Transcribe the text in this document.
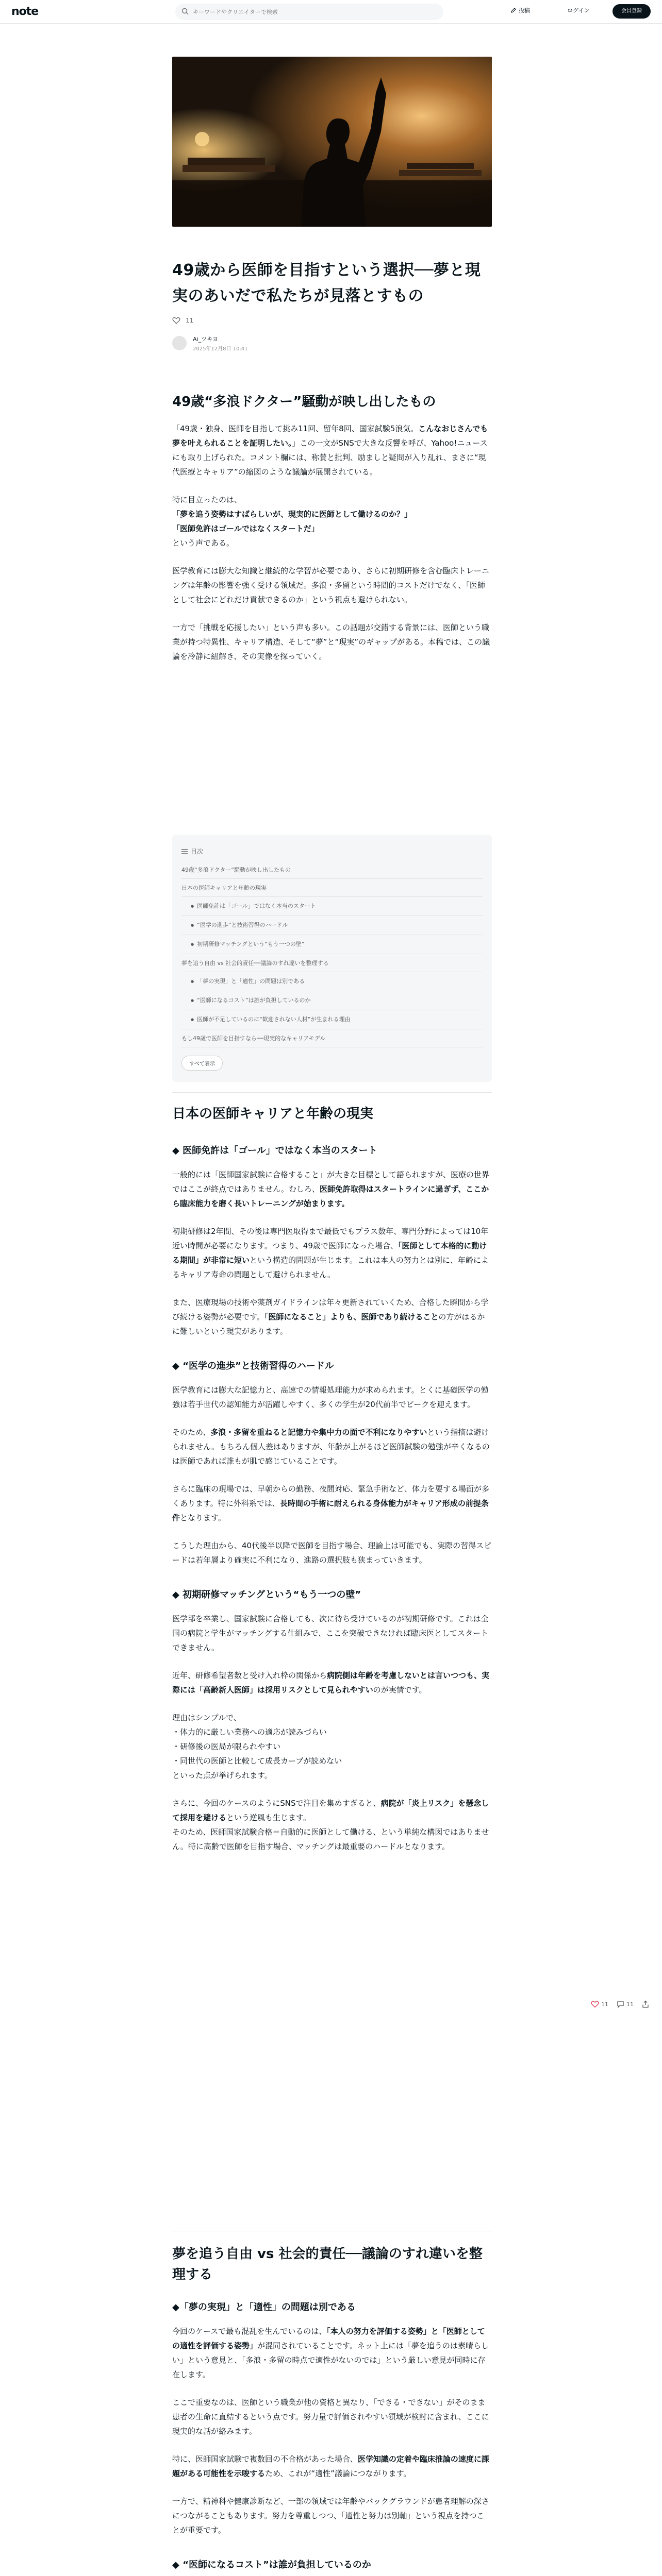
note
キーワードやクリエイターで検索	投稿	ログイン	会員登録
49歳から医師を目指すという選択──夢と現実のあいだで私たちが見落とすもの
11
Ai_ツキヨ
2025年12月8日 10:41
49歳“多浪ドクター”騒動が映し出したもの

「49歳・独身、医師を目指して挑み11回、留年8回、国家試験5浪気。こんなおじさんでも夢を叶えられることを証明したい。」この一文がSNSで大きな反響を呼び、Yahoo!ニュースにも取り上げられた。コメント欄には、称賛と批判、励ましと疑問が入り乱れ、まさに“現代医療とキャリア”の縮図のような議論が展開されている。

特に目立ったのは、
「夢を追う姿勢はすばらしいが、現実的に医師として働けるのか？」
「医師免許はゴールではなくスタートだ」
という声である。

医学教育には膨大な知識と継続的な学習が必要であり、さらに初期研修を含む臨床トレーニングは年齢の影響を強く受ける領域だ。多浪・多留という時間的コストだけでなく、「医師として社会にどれだけ貢献できるのか」という視点も避けられない。

一方で「挑戦を応援したい」という声も多い。この話題が交錯する背景には、医師という職業が持つ特異性、キャリア構造、そして“夢”と“現実”のギャップがある。本稿では、この議論を冷静に紐解き、その実像を探っていく。

目次
49歳“多浪ドクター”騒動が映し出したもの
日本の医師キャリアと年齢の現実
● 医師免許は「ゴール」ではなく本当のスタート
● “医学の進歩”と技術習得のハードル
● 初期研修マッチングという“もう一つの壁”
夢を追う自由 vs 社会的責任──議論のすれ違いを整理する
● 「夢の実現」と「適性」の問題は別である
● “医師になるコスト”は誰が負担しているのか
● 医師が不足しているのに“歓迎されない人材”が生まれる理由
もし49歳で医師を目指すなら──現実的なキャリアモデル
すべて表示
日本の医師キャリアと年齢の現実
◆ 医師免許は「ゴール」ではなく本当のスタート

一般的には「医師国家試験に合格すること」が大きな目標として語られますが、医療の世界ではここが終点ではありません。むしろ、医師免許取得はスタートラインに過ぎず、ここから臨床能力を磨く長いトレーニングが始まります。

初期研修は2年間、その後は専門医取得まで最低でもプラス数年、専門分野によっては10年近い時間が必要になります。つまり、49歳で医師になった場合、「医師として本格的に動ける期間」が非常に短いという構造的問題が生じます。これは本人の努力とは別に、年齢によるキャリア寿命の問題として避けられません。

また、医療現場の技術や薬剤ガイドラインは年々更新されていくため、合格した瞬間から学び続ける姿勢が必要です。「医師になること」よりも、医師であり続けることの方がはるかに難しいという現実があります。

◆ “医学の進歩”と技術習得のハードル

医学教育には膨大な記憶力と、高速での情報処理能力が求められます。とくに基礎医学の勉強は若手世代の認知能力が活躍しやすく、多くの学生が20代前半でピークを迎えます。

そのため、多浪・多留を重ねると記憶力や集中力の面で不利になりやすいという指摘は避けられません。もちろん個人差はありますが、年齢が上がるほど医師試験の勉強が辛くなるのは医師であれば誰もが肌で感じていることです。

さらに臨床の現場では、早朝からの勤務、夜間対応、緊急手術など、体力を要する場面が多くあります。特に外科系では、長時間の手術に耐えられる身体能力がキャリア形成の前提条件となります。

こうした理由から、40代後半以降で医師を目指す場合、理論上は可能でも、実際の習得スピードは若年層より確実に不利になり、進路の選択肢も狭まっていきます。

◆ 初期研修マッチングという“もう一つの壁”

医学部を卒業し、国家試験に合格しても、次に待ち受けているのが初期研修です。これは全国の病院と学生がマッチングする仕組みで、ここを突破できなければ臨床医としてスタートできません。

近年、研修希望者数と受け入れ枠の関係から病院側は年齢を考慮しないとは言いつつも、実際には「高齢新人医師」は採用リスクとして見られやすいのが実情です。

理由はシンプルで、
・体力的に厳しい業務への適応が読みづらい
・研修後の医局が限られやすい
・同世代の医師と比較して成長カーブが読めない
といった点が挙げられます。

さらに、今回のケースのようにSNSで注目を集めすぎると、病院が「炎上リスク」を懸念して採用を避けるという逆風も生じます。
そのため、医師国家試験合格＝自動的に医師として働ける、という単純な構図ではありません。特に高齢で医師を目指す場合、マッチングは最重要のハードルとなります。

夢を追う自由 vs 社会的責任──議論のすれ違いを整理する
◆「夢の実現」と「適性」の問題は別である

今回のケースで最も混乱を生んでいるのは、「本人の努力を評価する姿勢」と「医師としての適性を評価する姿勢」が混同されていることです。ネット上には「夢を追うのは素晴らしい」という意見と、「多浪・多留の時点で適性がないのでは」という厳しい意見が同時に存在します。

ここで重要なのは、医師という職業が他の資格と異なり、「できる・できない」がそのまま患者の生命に直結するという点です。努力量で評価されやすい領域が検討に含まれ、ここに現実的な話が絡みます。

特に、医師国家試験で複数回の不合格があった場合、医学知識の定着や臨床推論の速度に課題がある可能性を示唆するため、これが“適性”議論につながります。

一方で、精神科や健康診断など、一部の領域では年齢やバックグラウンドが患者理解の深さにつながることもあります。努力を尊重しつつ、「適性と努力は別軸」という視点を持つことが重要です。

◆ “医師になるコスト”は誰が負担しているのか

11	11
